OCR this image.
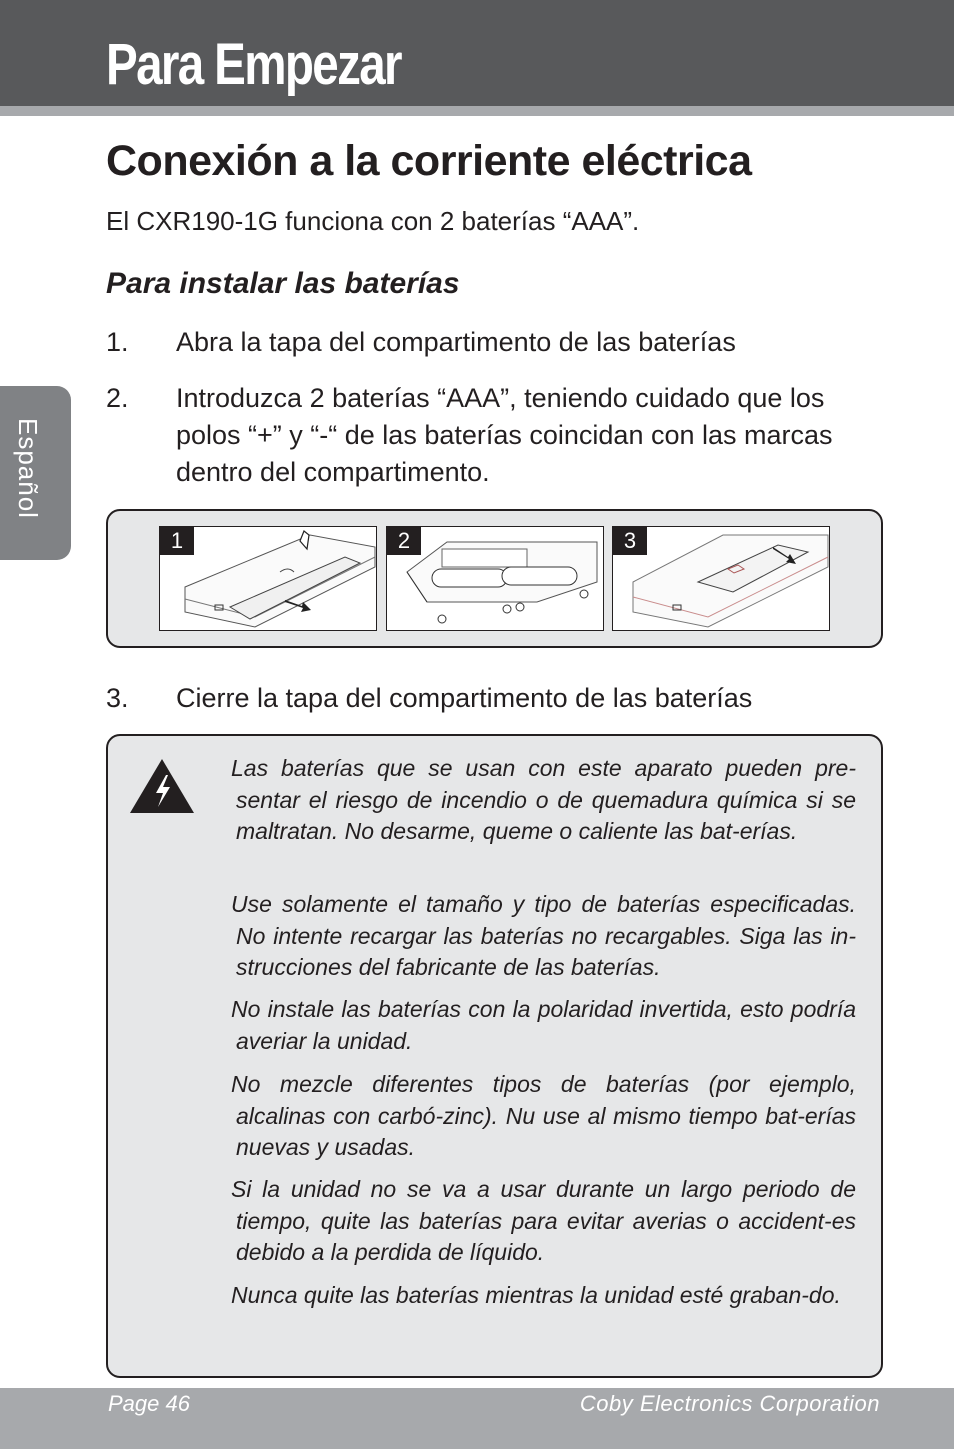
Para Empezar
Español
Conexión a la corriente eléctrica
El CXR190-1G funciona con 2 baterías “AAA”.
Para instalar las baterías
1. Abra la tapa del compartimento de las baterías
2. Introduzca 2 baterías “AAA”, teniendo cuidado que los polos “+” y “-“ de las baterías coincidan con las marcas dentro del compartimento.
1	2	3
3. Cierre la tapa del compartimento de las baterías

Las baterías que se usan con este aparato pueden pre-sentar el riesgo de incendio o de quemadura química si se maltratan. No desarme, queme o caliente las bat-erías.

Use solamente el tamaño y tipo de baterías especificadas. No intente recargar las baterías no recargables. Siga las in-strucciones del fabricante de las baterías.

No instale las baterías con la polaridad invertida, esto podría averiar la unidad.

No mezcle diferentes tipos de baterías (por ejemplo, alcalinas con carbó-zinc). Nu use al mismo tiempo bat-erías nuevas y usadas.

Si la unidad no se va a usar durante un largo periodo de tiempo, quite las baterías para evitar averias o accident-es debido a la perdida de líquido.

Nunca quite las baterías mientras la unidad esté graban-do.

Page 46	Coby Electronics Corporation
